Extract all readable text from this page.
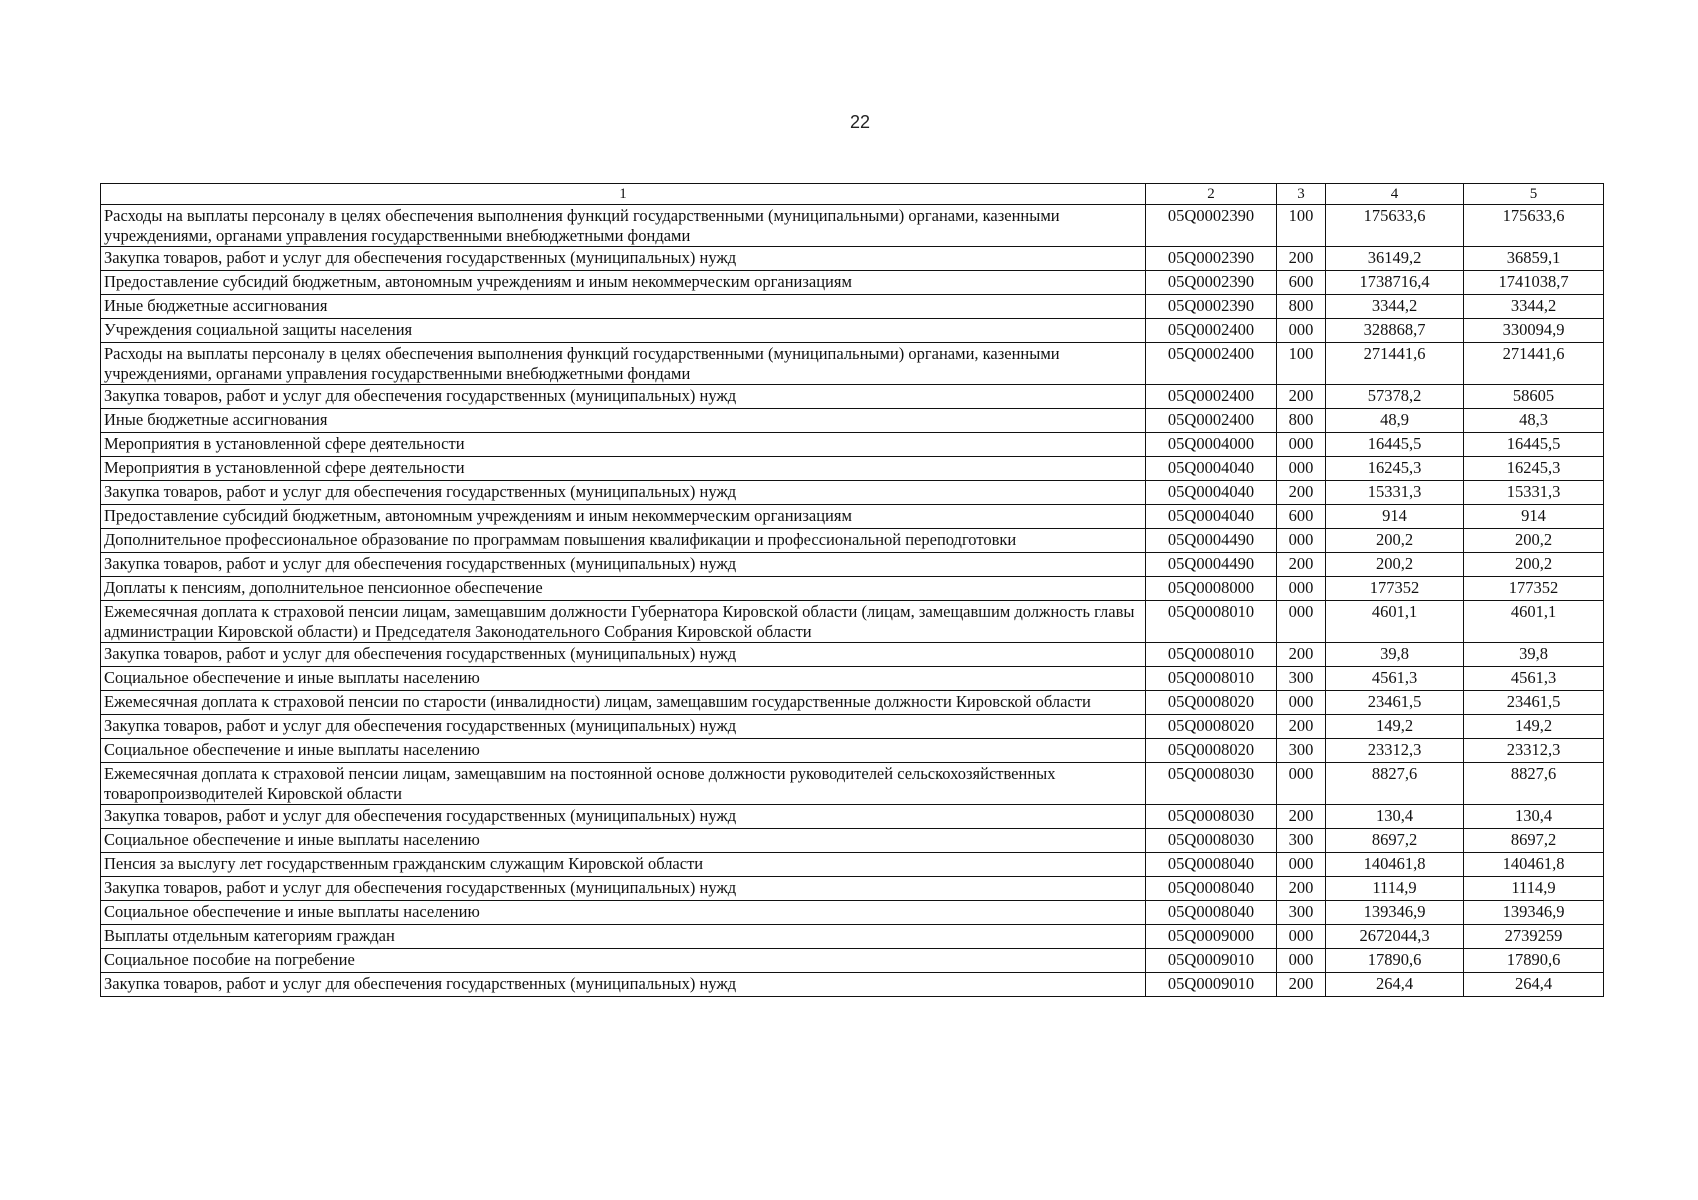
22
1	2	3	4	5
Расходы на выплаты персоналу в целях обеспечения выполнения функций государственными (муниципальными) органами, казенными учреждениями, органами управления государственными внебюджетными фондами	05Q0002390	100	175633,6	175633,6
Закупка товаров, работ и услуг для обеспечения государственных (муниципальных) нужд	05Q0002390	200	36149,2	36859,1
Предоставление субсидий бюджетным, автономным учреждениям и иным некоммерческим организациям	05Q0002390	600	1738716,4	1741038,7
Иные бюджетные ассигнования	05Q0002390	800	3344,2	3344,2
Учреждения социальной защиты населения	05Q0002400	000	328868,7	330094,9
Расходы на выплаты персоналу в целях обеспечения выполнения функций государственными (муниципальными) органами, казенными учреждениями, органами управления государственными внебюджетными фондами	05Q0002400	100	271441,6	271441,6
Закупка товаров, работ и услуг для обеспечения государственных (муниципальных) нужд	05Q0002400	200	57378,2	58605
Иные бюджетные ассигнования	05Q0002400	800	48,9	48,3
Мероприятия в установленной сфере деятельности	05Q0004000	000	16445,5	16445,5
Мероприятия в установленной сфере деятельности	05Q0004040	000	16245,3	16245,3
Закупка товаров, работ и услуг для обеспечения государственных (муниципальных) нужд	05Q0004040	200	15331,3	15331,3
Предоставление субсидий бюджетным, автономным учреждениям и иным некоммерческим организациям	05Q0004040	600	914	914
Дополнительное профессиональное образование по программам повышения квалификации и профессиональной переподготовки	05Q0004490	000	200,2	200,2
Закупка товаров, работ и услуг для обеспечения государственных (муниципальных) нужд	05Q0004490	200	200,2	200,2
Доплаты к пенсиям, дополнительное пенсионное обеспечение	05Q0008000	000	177352	177352
Ежемесячная доплата к страховой пенсии лицам, замещавшим должности Губернатора Кировской области (лицам, замещавшим должность главы администрации Кировской области) и Председателя Законодательного Собрания Кировской области	05Q0008010	000	4601,1	4601,1
Закупка товаров, работ и услуг для обеспечения государственных (муниципальных) нужд	05Q0008010	200	39,8	39,8
Социальное обеспечение и иные выплаты населению	05Q0008010	300	4561,3	4561,3
Ежемесячная доплата к страховой пенсии по старости (инвалидности) лицам, замещавшим государственные должности Кировской области	05Q0008020	000	23461,5	23461,5
Закупка товаров, работ и услуг для обеспечения государственных (муниципальных) нужд	05Q0008020	200	149,2	149,2
Социальное обеспечение и иные выплаты населению	05Q0008020	300	23312,3	23312,3
Ежемесячная доплата к страховой пенсии лицам, замещавшим на постоянной основе должности руководителей сельскохозяйственных товаропроизводителей Кировской области	05Q0008030	000	8827,6	8827,6
Закупка товаров, работ и услуг для обеспечения государственных (муниципальных) нужд	05Q0008030	200	130,4	130,4
Социальное обеспечение и иные выплаты населению	05Q0008030	300	8697,2	8697,2
Пенсия за выслугу лет государственным гражданским служащим Кировской области	05Q0008040	000	140461,8	140461,8
Закупка товаров, работ и услуг для обеспечения государственных (муниципальных) нужд	05Q0008040	200	1114,9	1114,9
Социальное обеспечение и иные выплаты населению	05Q0008040	300	139346,9	139346,9
Выплаты отдельным категориям граждан	05Q0009000	000	2672044,3	2739259
Социальное пособие на погребение	05Q0009010	000	17890,6	17890,6
Закупка товаров, работ и услуг для обеспечения государственных (муниципальных) нужд	05Q0009010	200	264,4	264,4
